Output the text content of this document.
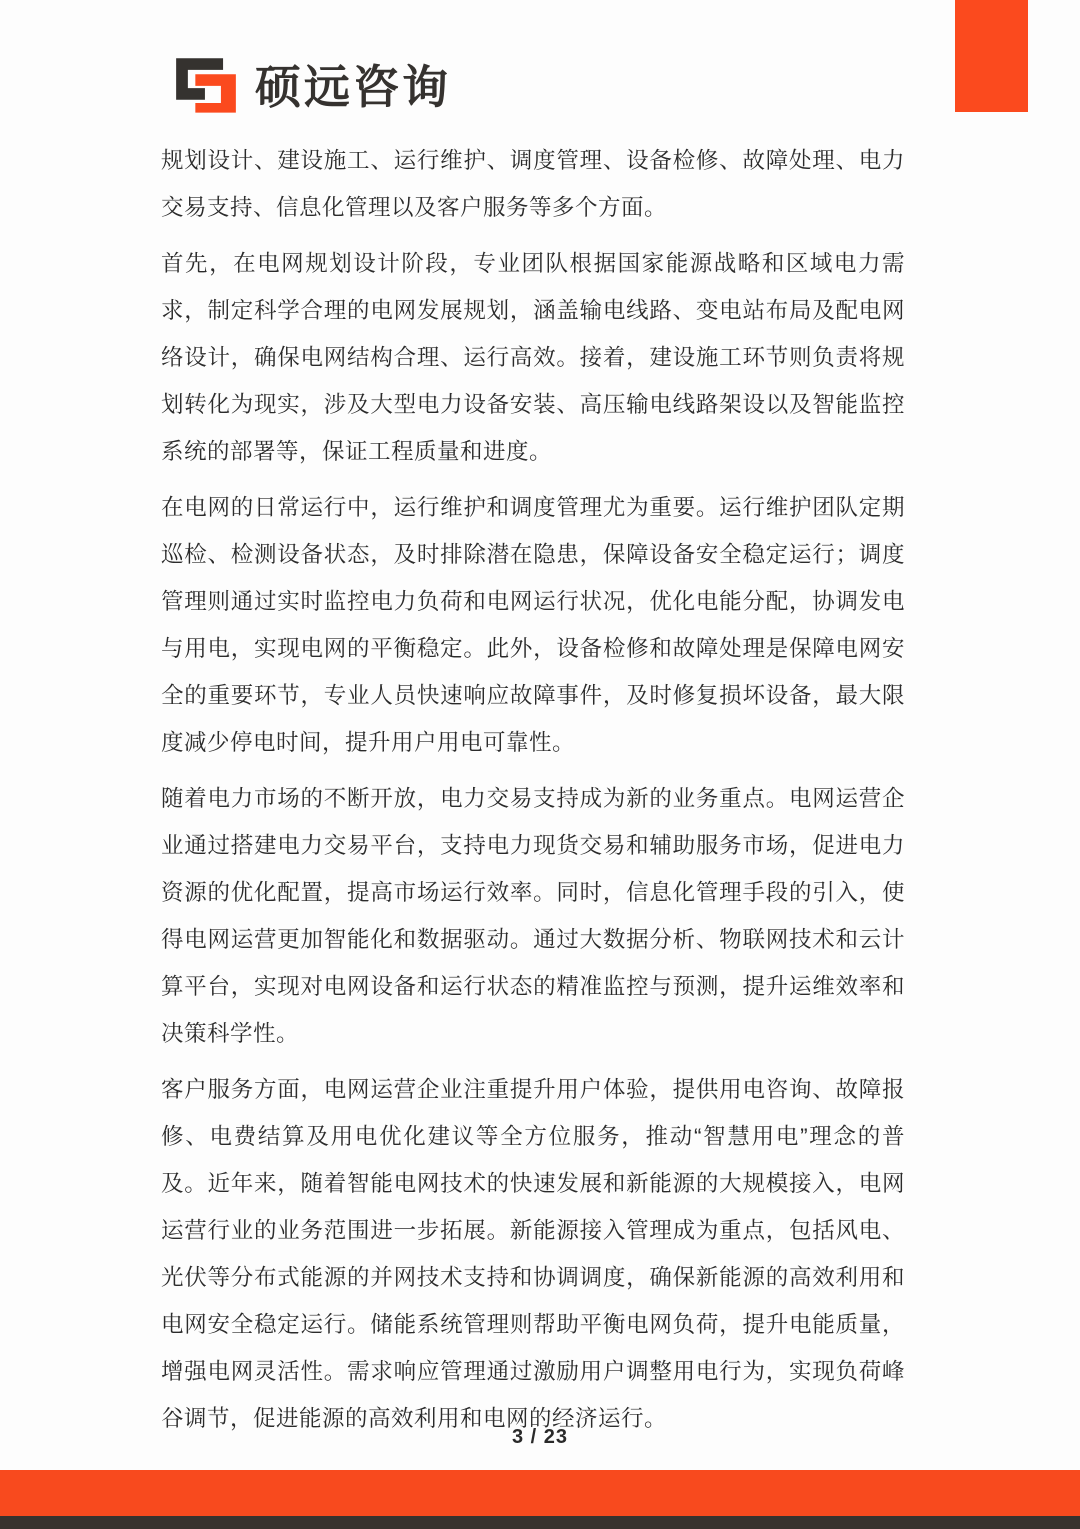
硕远咨询

规划设计、建设施工、运行维护、调度管理、设备检修、故障处理、电力交易支持、信息化管理以及客户服务等多个方面。

首先，在电网规划设计阶段，专业团队根据国家能源战略和区域电力需求，制定科学合理的电网发展规划，涵盖输电线路、变电站布局及配电网络设计，确保电网结构合理、运行高效。接着，建设施工环节则负责将规划转化为现实，涉及大型电力设备安装、高压输电线路架设以及智能监控系统的部署等，保证工程质量和进度。

在电网的日常运行中，运行维护和调度管理尤为重要。运行维护团队定期巡检、检测设备状态，及时排除潜在隐患，保障设备安全稳定运行；调度管理则通过实时监控电力负荷和电网运行状况，优化电能分配，协调发电与用电，实现电网的平衡稳定。此外，设备检修和故障处理是保障电网安全的重要环节，专业人员快速响应故障事件，及时修复损坏设备，最大限度减少停电时间，提升用户用电可靠性。

随着电力市场的不断开放，电力交易支持成为新的业务重点。电网运营企业通过搭建电力交易平台，支持电力现货交易和辅助服务市场，促进电力资源的优化配置，提高市场运行效率。同时，信息化管理手段的引入，使得电网运营更加智能化和数据驱动。通过大数据分析、物联网技术和云计算平台，实现对电网设备和运行状态的精准监控与预测，提升运维效率和决策科学性。

客户服务方面，电网运营企业注重提升用户体验，提供用电咨询、故障报修、电费结算及用电优化建议等全方位服务，推动“智慧用电”理念的普及。近年来，随着智能电网技术的快速发展和新能源的大规模接入，电网运营行业的业务范围进一步拓展。新能源接入管理成为重点，包括风电、光伏等分布式能源的并网技术支持和协调调度，确保新能源的高效利用和电网安全稳定运行。储能系统管理则帮助平衡电网负荷，提升电能质量，增强电网灵活性。需求响应管理通过激励用户调整用电行为，实现负荷峰谷调节，促进能源的高效利用和电网的经济运行。

3 / 23
